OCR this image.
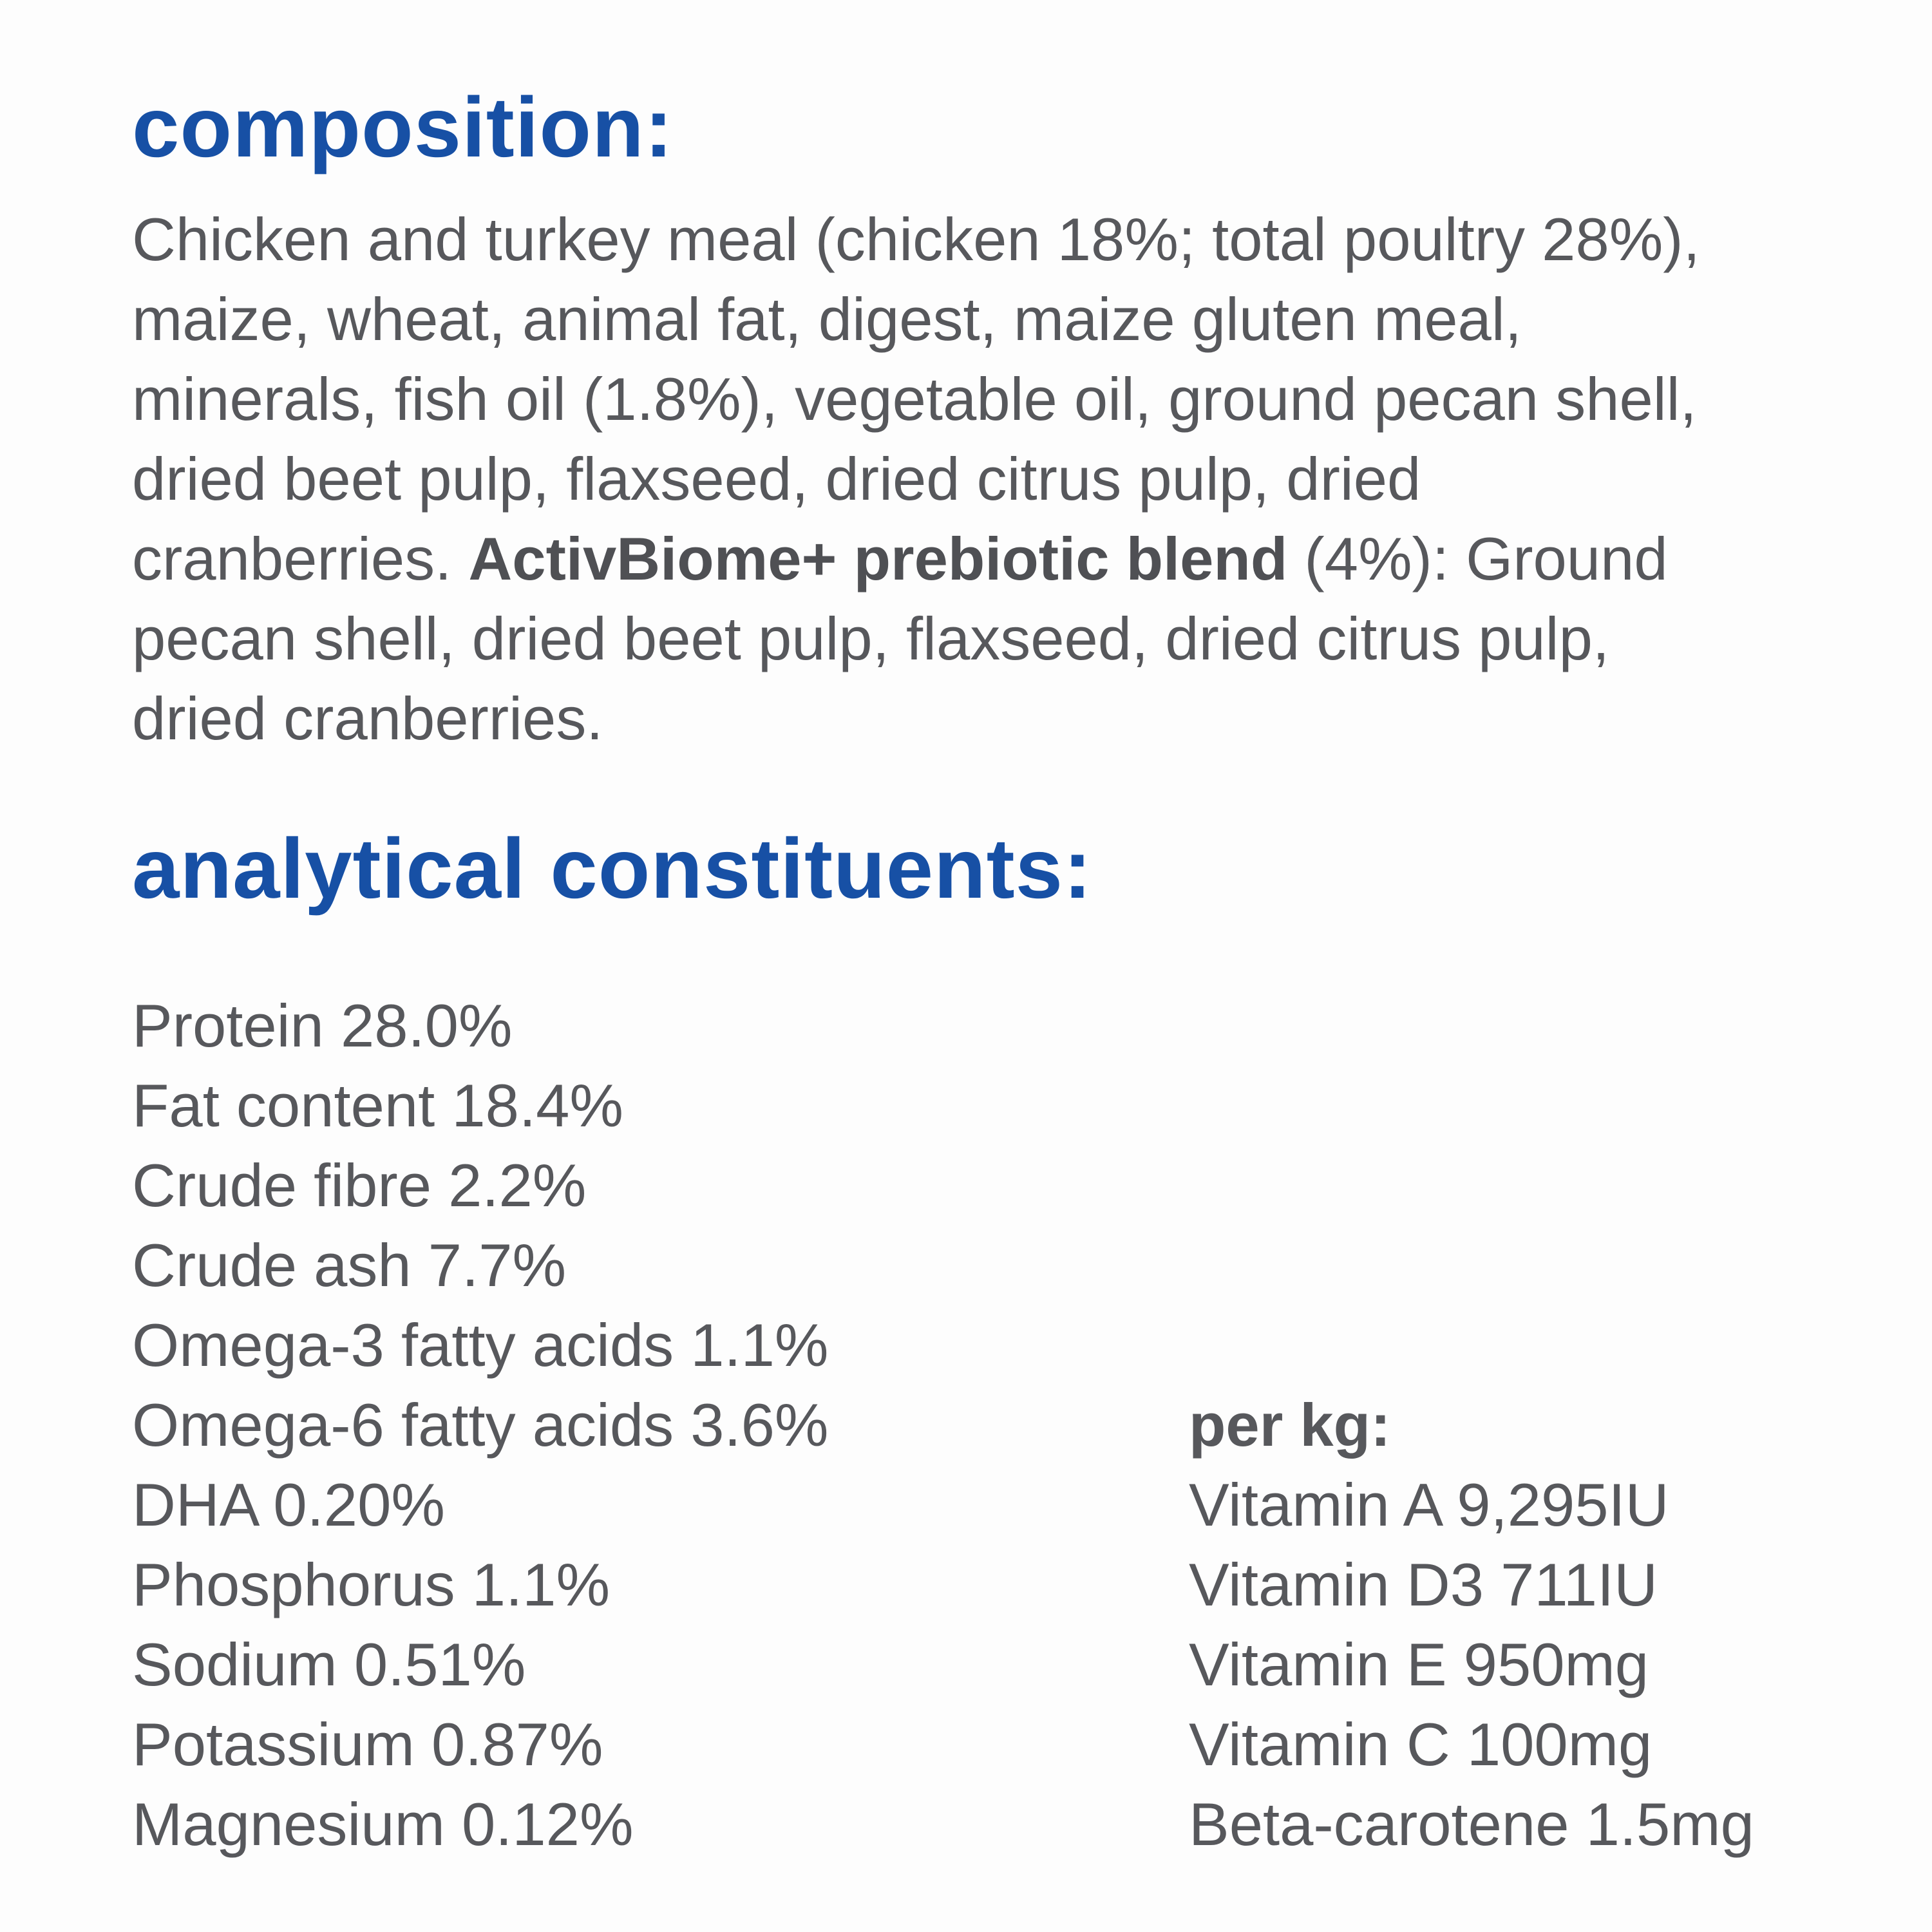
composition:

Chicken and turkey meal (chicken 18%; total poultry 28%),
maize, wheat, animal fat, digest, maize gluten meal,
minerals, fish oil (1.8%), vegetable oil, ground pecan shell,
dried beet pulp, flaxseed, dried citrus pulp, dried
cranberries. ActivBiome+ prebiotic blend (4%): Ground
pecan shell, dried beet pulp, flaxseed, dried citrus pulp,
dried cranberries.

analytical constituents:
Protein 28.0%
Fat content 18.4%
Crude fibre 2.2%
Crude ash 7.7%
Omega-3 fatty acids 1.1%
Omega-6 fatty acids 3.6%
DHA 0.20%
Phosphorus 1.1%
Sodium 0.51%
Potassium 0.87%
Magnesium 0.12%
per kg:
Vitamin A 9,295IU
Vitamin D3 711IU
Vitamin E 950mg
Vitamin C 100mg
Beta-carotene 1.5mg
